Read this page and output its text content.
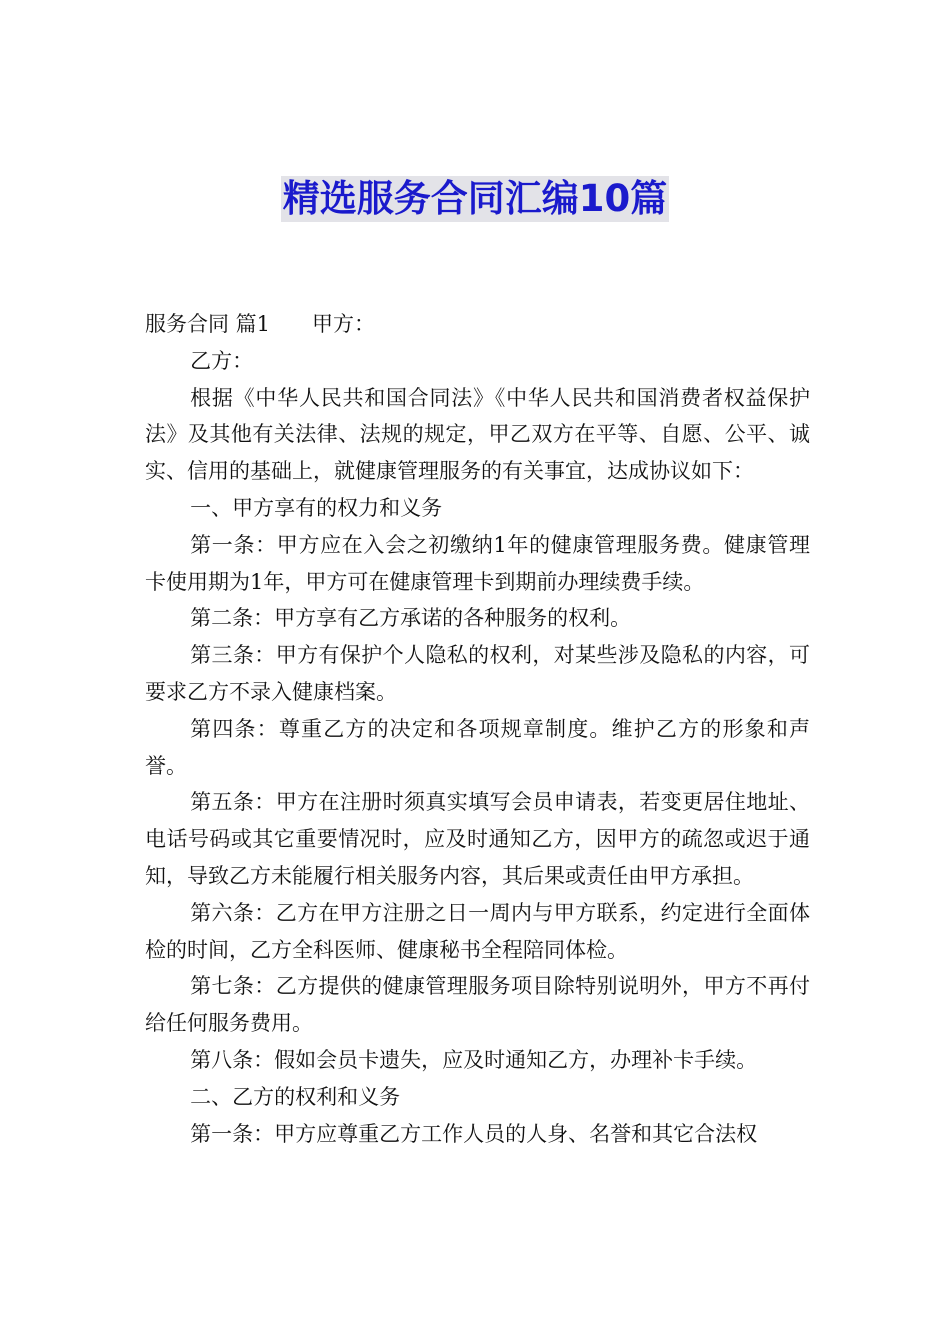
精选服务合同汇编10篇

服务合同 篇1 甲方：

乙方：

根据《中华人民共和国合同法》《中华人民共和国消费者权益保护法》及其他有关法律、法规的规定，甲乙双方在平等、自愿、公平、诚实、信用的基础上，就健康管理服务的有关事宜，达成协议如下：

一、甲方享有的权力和义务

第一条：甲方应在入会之初缴纳1年的健康管理服务费。健康管理卡使用期为1年，甲方可在健康管理卡到期前办理续费手续。

第二条：甲方享有乙方承诺的各种服务的权利。

第三条：甲方有保护个人隐私的权利，对某些涉及隐私的内容，可要求乙方不录入健康档案。

第四条：尊重乙方的决定和各项规章制度。维护乙方的形象和声誉。

第五条：甲方在注册时须真实填写会员申请表，若变更居住地址、电话号码或其它重要情况时，应及时通知乙方，因甲方的疏忽或迟于通知，导致乙方未能履行相关服务内容，其后果或责任由甲方承担。

第六条：乙方在甲方注册之日一周内与甲方联系，约定进行全面体检的时间，乙方全科医师、健康秘书全程陪同体检。

第七条：乙方提供的健康管理服务项目除特别说明外，甲方不再付给任何服务费用。

第八条：假如会员卡遗失，应及时通知乙方，办理补卡手续。

二、乙方的权利和义务

第一条：甲方应尊重乙方工作人员的人身、名誉和其它合法权
